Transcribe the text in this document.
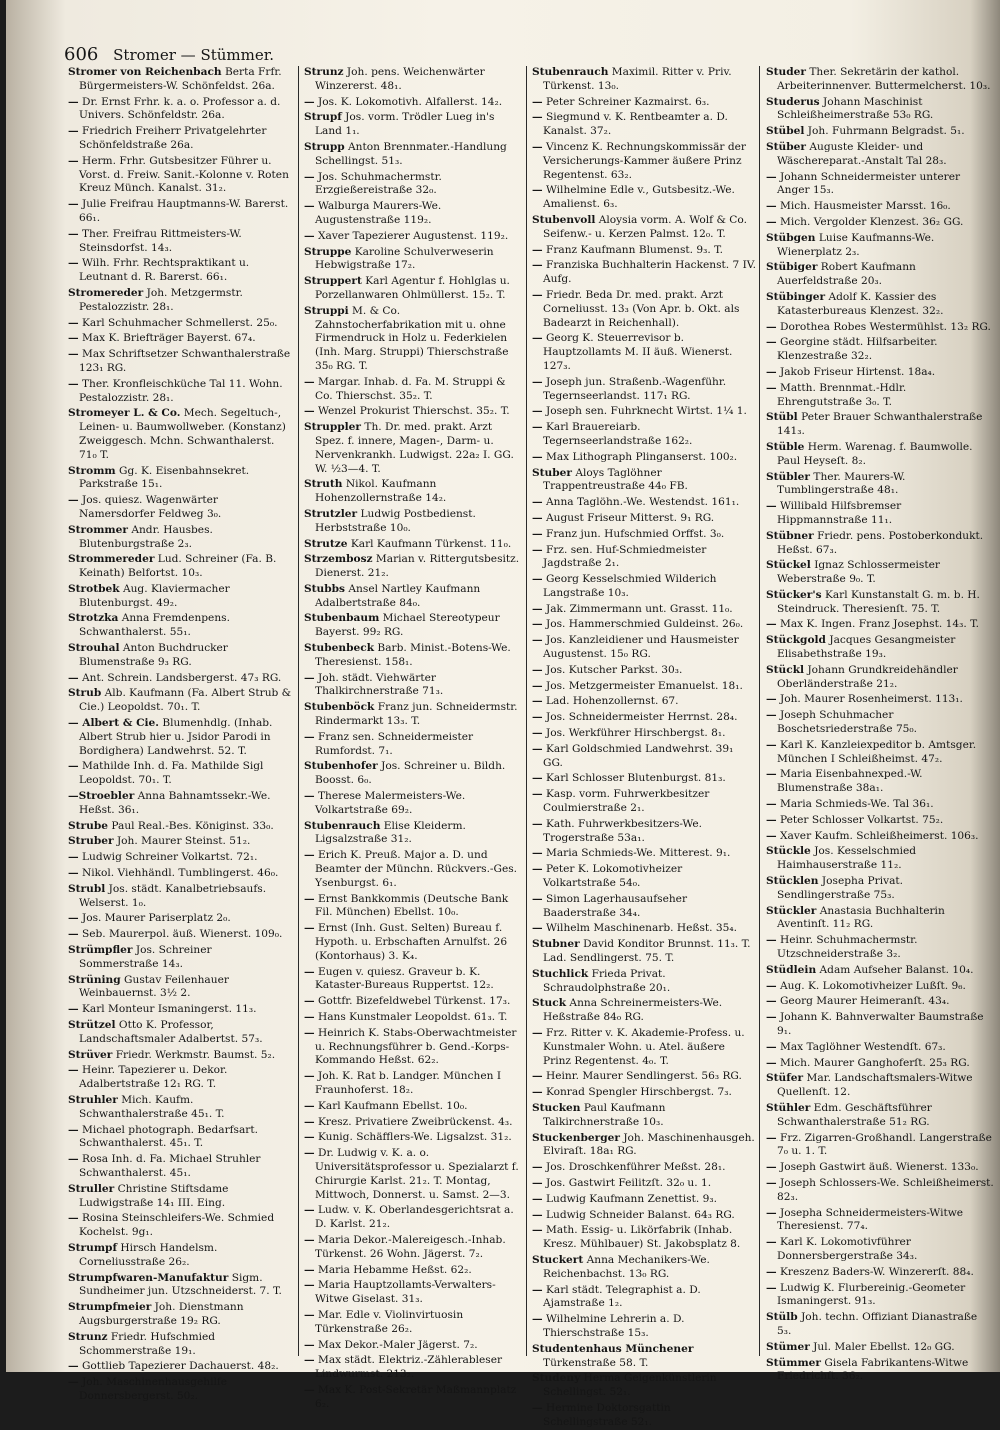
606 Stromer — Stümmer.
Stromer von Reichenbach Berta Frfr. Bürgermeisters-W. Schönfeldst. 26a.
— Dr. Ernst Frhr. k. a. o. Professor a. d. Univers. Schönfeldstr. 26a.
— Friedrich Freiherr Privatgelehrter Schönfeldstraße 26a.
— Herm. Frhr. Gutsbesitzer Führer u. Vorst. d. Freiw. Sanit.-Kolonne v. Roten Kreuz Münch. Kanalst. 31₂.
— Julie Freifrau Hauptmanns-W. Barerst. 66₁.
— Ther. Freifrau Rittmeisters-W. Steinsdorfst. 14₃.
— Wilh. Frhr. Rechtspraktikant u. Leutnant d. R. Barerst. 66₁.
Stromereder Joh. Metzgermstr. Pestalozzistr. 28₁.
— Karl Schuhmacher Schmellerst. 25₀.
— Max K. Briefträger Bayerst. 67₄.
— Max Schriftsetzer Schwanthalerstraße 123₁ RG.
— Ther. Kronfleischküche Tal 11. Wohn. Pestalozzistr. 28₁.
Stromeyer L. & Co. Mech. Segeltuch-, Leinen- u. Baumwollweber. (Konstanz) Zweiggesch. Mchn. Schwanthalerst. 71₀ T.
Stromm Gg. K. Eisenbahnsekret. Parkstraße 15₁.
— Jos. quiesz. Wagenwärter Namersdorfer Feldweg 3₀.
Strommer Andr. Hausbes. Blutenburgstraße 2₃.
Strommereder Lud. Schreiner (Fa. B. Keinath) Belfortst. 10₃.
Strotbek Aug. Klaviermacher Blutenburgst. 49₂.
Strotzka Anna Fremdenpens. Schwanthalerst. 55₁.
Strouhal Anton Buchdrucker Blumenstraße 9₃ RG.
— Ant. Schrein. Landsbergerst. 47₃ RG.
Strub Alb. Kaufmann (Fa. Albert Strub & Cie.) Leopoldst. 70₁. T.
— Albert & Cie. Blumenhdlg. (Inhab. Albert Strub hier u. Jsidor Parodi in Bordighera) Landwehrst. 52. T.
— Mathilde Inh. d. Fa. Mathilde Sigl Leopoldst. 70₁. T.
—Stroebler Anna Bahnamtssekr.-We. Heßst. 36₁.
Strube Paul Real.-Bes. Königinst. 33₀.
Struber Joh. Maurer Steinst. 51₂.
— Ludwig Schreiner Volkartst. 72₁.
— Nikol. Viehhändl. Tumblingerst. 46₀.
Strubl Jos. städt. Kanalbetriebsaufs. Welserst. 1₀.
— Jos. Maurer Pariserplatz 2₀.
— Seb. Maurerpol. äuß. Wienerst. 109₀.
Strümpfler Jos. Schreiner Sommerstraße 14₃.
Strüning Gustav Feilenhauer Weinbauernst. 3½ 2.
— Karl Monteur Ismaningerst. 11₃.
Strützel Otto K. Professor, Landschaftsmaler Adalbertst. 57₃.
Strüver Friedr. Werkmstr. Baumst. 5₂.
— Heinr. Tapezierer u. Dekor. Adalbertstraße 12₁ RG. T.
Struhler Mich. Kaufm. Schwanthalerstraße 45₁. T.
— Michael photograph. Bedarfsart. Schwanthalerst. 45₁. T.
— Rosa Inh. d. Fa. Michael Struhler Schwanthalerst. 45₁.
Struller Christine Stiftsdame Ludwigstraße 14₁ III. Eing.
— Rosina Steinschleifers-We. Schmied Kochelst. 9g₁.
Strumpf Hirsch Handelsm. Corneliusstraße 26₂.
Strumpfwaren-Manufaktur Sigm. Sundheimer jun. Utzschneiderst. 7. T.
Strumpfmeier Joh. Dienstmann Augsburgerstraße 19₂ RG.
Strunz Friedr. Hufschmied Schommerstraße 19₁.
— Gottlieb Tapezierer Dachauerst. 48₂.
— Joh. Maschinenhausgehilfe Donnersbergerst. 50₂.
Strunz Joh. pens. Weichenwärter Winzererst. 48₁.
— Jos. K. Lokomotivh. Alfallerst. 14₂.
Strupf Jos. vorm. Trödler Lueg in's Land 1₁.
Strupp Anton Brennmater.-Handlung Schellingst. 51₃.
— Jos. Schuhmachermstr. Erzgießereistraße 32₀.
— Walburga Maurers-We. Augustenstraße 119₂.
— Xaver Tapezierer Augustenst. 119₂.
Struppe Karoline Schulverweserin Hebwigstraße 17₂.
Struppert Karl Agentur f. Hohlglas u. Porzellanwaren Ohlmüllerst. 15₂. T.
Struppi M. & Co. Zahnstocherfabrikation mit u. ohne Firmendruck in Holz u. Federkielen (Inh. Marg. Struppi) Thierschstraße 35₀ RG. T.
— Margar. Inhab. d. Fa. M. Struppi & Co. Thierschst. 35₂. T.
— Wenzel Prokurist Thierschst. 35₂. T.
Struppler Th. Dr. med. prakt. Arzt Spez. f. innere, Magen-, Darm- u. Nervenkrankh. Ludwigst. 22a₂ I. GG. W. ½3—4. T.
Struth Nikol. Kaufmann Hohenzollernstraße 14₂.
Strutzler Ludwig Postbedienst. Herbststraße 10₀.
Strutze Karl Kaufmann Türkenst. 11₀.
Strzembosz Marian v. Rittergutsbesitz. Dienerst. 21₂.
Stubbs Ansel Nartley Kaufmann Adalbertstraße 84₀.
Stubenbaum Michael Stereotypeur Bayerst. 99₂ RG.
Stubenbeck Barb. Minist.-Botens-We. Theresienst. 158₁.
— Joh. städt. Viehwärter Thalkirchnerstraße 71₃.
Stubenböck Franz jun. Schneidermstr. Rindermarkt 13₃. T.
— Franz sen. Schneidermeister Rumfordst. 7₁.
Stubenhofer Jos. Schreiner u. Bildh. Boosst. 6₀.
— Therese Malermeisters-We. Volkartstraße 69₂.
Stubenrauch Elise Kleiderm. Ligsalzstraße 31₂.
— Erich K. Preuß. Major a. D. und Beamter der Münchn. Rückvers.-Ges. Ysenburgst. 6₁.
— Ernst Bankkommis (Deutsche Bank Fil. München) Ebellst. 10₀.
— Ernst (Inh. Gust. Selten) Bureau f. Hypoth. u. Erbschaften Arnulfst. 26 (Kontorhaus) 3. K₄.
— Eugen v. quiesz. Graveur b. K. Kataster-Bureaus Ruppertst. 12₂.
— Gottfr. Bizefeldwebel Türkenst. 17₃.
— Hans Kunstmaler Leopoldst. 61₃. T.
— Heinrich K. Stabs-Oberwachtmeister u. Rechnungsführer b. Gend.-Korps-Kommando Heßst. 62₂.
— Joh. K. Rat b. Landger. München I Fraunhoferst. 18₂.
— Karl Kaufmann Ebellst. 10₀.
— Kresz. Privatiere Zweibrückenst. 4₃.
— Kunig. Schäfflers-We. Ligsalzst. 31₂.
— Dr. Ludwig v. K. a. o. Universitätsprofessor u. Spezialarzt f. Chirurgie Karlst. 21₂. T. Montag, Mittwoch, Donnerst. u. Samst. 2—3.
— Ludw. v. K. Oberlandesgerichtsrat a. D. Karlst. 21₂.
— Maria Dekor.-Malereigesch.-Inhab. Türkenst. 26 Wohn. Jägerst. 7₂.
— Maria Hebamme Heßst. 62₂.
— Maria Hauptzollamts-Verwalters-Witwe Giselast. 31₃.
— Mar. Edle v. Violinvirtuosin Türkenstraße 26₂.
— Max Dekor.-Maler Jägerst. 7₂.
— Max städt. Elektriz.-Zählerableser Lindwurmst. 213₂.
— Max K. Post-Sekretär Maßmannplatz 6₂.
Stubenrauch Maximil. Ritter v. Priv. Türkenst. 13₀.
— Peter Schreiner Kazmairst. 6₃.
— Siegmund v. K. Rentbeamter a. D. Kanalst. 37₂.
— Vincenz K. Rechnungskommissär der Versicherungs-Kammer äußere Prinz Regentenst. 63₂.
— Wilhelmine Edle v., Gutsbesitz.-We. Amalienst. 6₃.
Stubenvoll Aloysia vorm. A. Wolf & Co. Seifenw.- u. Kerzen Palmst. 12₀. T.
— Franz Kaufmann Blumenst. 9₃. T.
— Franziska Buchhalterin Hackenst. 7 IV. Aufg.
— Friedr. Beda Dr. med. prakt. Arzt Corneliusst. 13₃ (Von Apr. b. Okt. als Badearzt in Reichenhall).
— Georg K. Steuerrevisor b. Hauptzollamts M. II äuß. Wienerst. 127₃.
— Joseph jun. Straßenb.-Wagenführ. Tegernseerlandst. 117₁ RG.
— Joseph sen. Fuhrknecht Wirtst. 1¼ 1.
— Karl Brauereiarb. Tegernseerlandstraße 162₂.
— Max Lithograph Plinganserst. 100₂.
Stuber Aloys Taglöhner Trappentreustraße 44₀ FB.
— Anna Taglöhn.-We. Westendst. 161₁.
— August Friseur Mitterst. 9₁ RG.
— Franz jun. Hufschmied Orffst. 3₀.
— Frz. sen. Huf-Schmiedmeister Jagdstraße 2₁.
— Georg Kesselschmied Wilderich Langstraße 10₃.
— Jak. Zimmermann unt. Grasst. 11₀.
— Jos. Hammerschmied Guldeinst. 26₀.
— Jos. Kanzleidiener und Hausmeister Augustenst. 15₀ RG.
— Jos. Kutscher Parkst. 30₃.
— Jos. Metzgermeister Emanuelst. 18₁.
— Lad. Hohenzollernst. 67.
— Jos. Schneidermeister Herrnst. 28₄.
— Jos. Werkführer Hirschbergst. 8₁.
— Karl Goldschmied Landwehrst. 39₁ GG.
— Karl Schlosser Blutenburgst. 81₃.
— Kasp. vorm. Fuhrwerkbesitzer Coulmierstraße 2₁.
— Kath. Fuhrwerkbesitzers-We. Trogerstraße 53a₁.
— Maria Schmieds-We. Mitterest. 9₁.
— Peter K. Lokomotivheizer Volkartstraße 54₀.
— Simon Lagerhausaufseher Baaderstraße 34₄.
— Wilhelm Maschinenarb. Heßst. 35₄.
Stubner David Konditor Brunnst. 11₃. T. Lad. Sendlingerst. 75. T.
Stuchlick Frieda Privat. Schraudolphstraße 20₁.
Stuck Anna Schreinermeisters-We. Heßstraße 84₀ RG.
— Frz. Ritter v. K. Akademie-Profess. u. Kunstmaler Wohn. u. Atel. äußere Prinz Regentenst. 4₀. T.
— Heinr. Maurer Sendlingerst. 56₃ RG.
— Konrad Spengler Hirschbergst. 7₃.
Stucken Paul Kaufmann Talkirchnerstraße 10₃.
Stuckenberger Joh. Maschinenhausgeh. Elviraſt. 18a₁ RG.
— Jos. Droschkenführer Meßst. 28₁.
— Jos. Gastwirt Feilitzſt. 32₀ u. 1.
— Ludwig Kaufmann Zenettist. 9₃.
— Ludwig Schneider Balanst. 64₃ RG.
— Math. Essig- u. Likörfabrik (Inhab. Kresz. Mühlbauer) St. Jakobsplatz 8.
Stuckert Anna Mechanikers-We. Reichenbachst. 13₀ RG.
— Karl städt. Telegraphist a. D. Ajamstraße 1₂.
— Wilhelmine Lehrerin a. D. Thierschstraße 15₃.
Studentenhaus Münchener Türkenstraße 58. T.
Studeny Herma Geigenkünstlerin Schellingst. 52₁.
— Hermine Doktorsgattin Schellingstraße 52₁.
Studer Ther. Sekretärin der kathol. Arbeiterinnenver. Buttermelcherst. 10₃.
Studerus Johann Maschinist Schleißheimerstraße 53₀ RG.
Stübel Joh. Fuhrmann Belgradst. 5₁.
Stüber Auguste Kleider- und Wäschereparat.-Anstalt Tal 28₃.
— Johann Schneidermeister unterer Anger 15₃.
— Mich. Hausmeister Marsst. 16₀.
— Mich. Vergolder Klenzest. 36₂ GG.
Stübgen Luise Kaufmanns-We. Wienerplatz 2₃.
Stübiger Robert Kaufmann Auerfeldstraße 20₃.
Stübinger Adolf K. Kassier des Katasterbureaus Klenzest. 32₂.
— Dorothea Robes Westermühlst. 13₂ RG.
— Georgine städt. Hilfsarbeiter. Klenzestraße 32₂.
— Jakob Friseur Hirtenst. 18a₄.
— Matth. Brennmat.-Hdlr. Ehrengutstraße 3₀. T.
Stübl Peter Brauer Schwanthalerstraße 141₃.
Stüble Herm. Warenag. f. Baumwolle. Paul Heyseſt. 8₂.
Stübler Ther. Maurers-W. Tumblingerstraße 48₁.
— Willibald Hilfsbremser Hippmannstraße 11₁.
Stübner Friedr. pens. Postoberkondukt. Heßst. 67₃.
Stückel Ignaz Schlossermeister Weberstraße 9₀. T.
Stücker's Karl Kunstanstalt G. m. b. H. Steindruck. Theresienſt. 75. T.
— Max K. Ingen. Franz Josephst. 14₃. T.
Stückgold Jacques Gesangmeister Elisabethstraße 19₃.
Stückl Johann Grundkreidehändler Oberländerstraße 21₂.
— Joh. Maurer Rosenheimerst. 113₁.
— Joseph Schuhmacher Boschetsriederstraße 75₀.
— Karl K. Kanzleiexpeditor b. Amtsger. München I Schleißheimst. 47₂.
— Maria Eisenbahnexped.-W. Blumenstraße 38a₁.
— Maria Schmieds-We. Tal 36₁.
— Peter Schlosser Volkartst. 75₂.
— Xaver Kaufm. Schleißheimerst. 106₃.
Stückle Jos. Kesselschmied Haimhauserstraße 11₂.
Stücklen Josepha Privat. Sendlingerstraße 75₃.
Stückler Anastasia Buchhalterin Aventinſt. 11₂ RG.
— Heinr. Schuhmachermstr. Utzschneiderstraße 3₂.
Stüdlein Adam Aufseher Balanst. 10₄.
— Aug. K. Lokomotivheizer Lußſt. 9₆.
— Georg Maurer Heimeranſt. 43₄.
— Johann K. Bahnverwalter Baumstraße 9₁.
— Max Taglöhner Westendſt. 67₃.
— Mich. Maurer Ganghoferſt. 25₃ RG.
Stüfer Mar. Landschaftsmalers-Witwe Quellenſt. 12.
Stühler Edm. Geschäftsführer Schwanthalerstraße 51₂ RG.
— Frz. Zigarren-Großhandl. Langerstraße 7₀ u. 1. T.
— Joseph Gastwirt äuß. Wienerst. 133₀.
— Joseph Schlossers-We. Schleißheimerst. 82₃.
— Josepha Schneidermeisters-Witwe Theresienst. 77₄.
— Karl K. Lokomotivführer Donnersbergerstraße 34₃.
— Kreszenz Baders-W. Winzererſt. 88₄.
— Ludwig K. Flurbereinig.-Geometer Ismaningerst. 91₃.
Stülb Joh. techn. Offiziant Dianastraße 5₃.
Stümer Jul. Maler Ebellst. 12₀ GG.
Stümmer Gisela Fabrikantens-Witwe Friedrichſt. 36₂.
